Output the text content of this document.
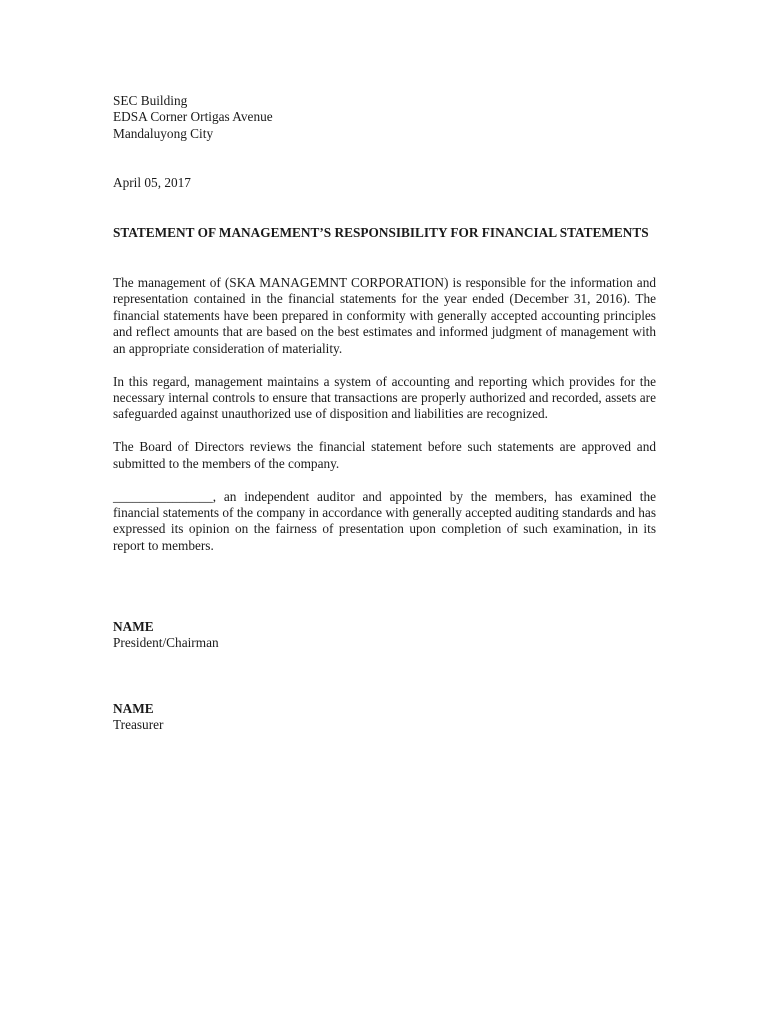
SEC Building
EDSA Corner Ortigas Avenue
Mandaluyong City
April 05, 2017
STATEMENT OF MANAGEMENT’S RESPONSIBILITY FOR FINANCIAL STATEMENTS

The management of (SKA MANAGEMNT CORPORATION) is responsible for the information and representation contained in the financial statements for the year ended (December 31, 2016). The financial statements have been prepared in conformity with generally accepted accounting principles and reflect amounts that are based on the best estimates and informed judgment of management with an appropriate consideration of materiality.

In this regard, management maintains a system of accounting and reporting which provides for the necessary internal controls to ensure that transactions are properly authorized and recorded, assets are safeguarded against unauthorized use of disposition and liabilities are recognized.

The Board of Directors reviews the financial statement before such statements are approved and submitted to the members of the company.

_______________, an independent auditor and appointed by the members, has examined the financial statements of the company in accordance with generally accepted auditing standards and has expressed its opinion on the fairness of presentation upon completion of such examination, in its report to members.

NAME
President/Chairman
NAME
Treasurer
